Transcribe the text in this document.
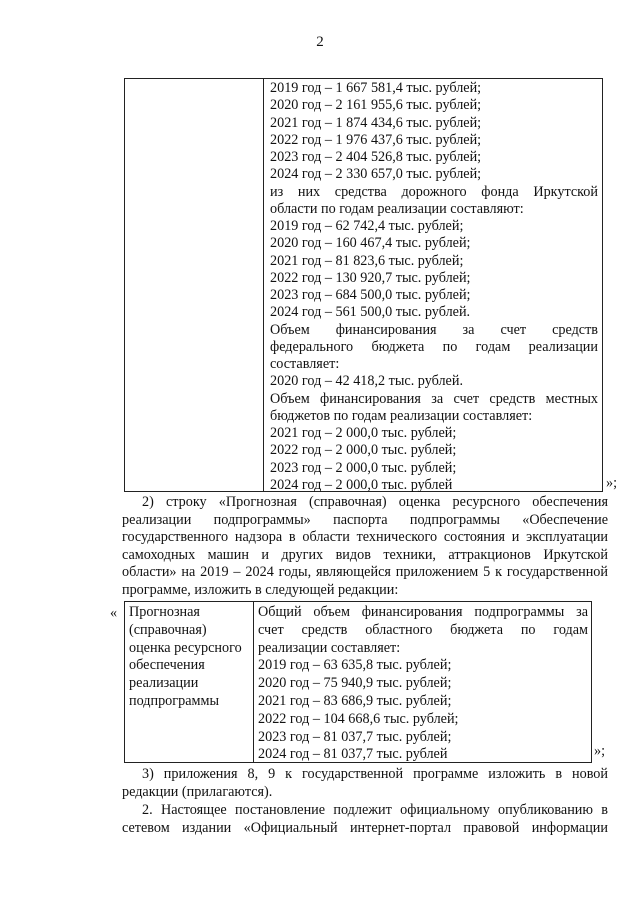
2
2019 год – 1 667 581,4 тыс. рублей;
2020 год – 2 161 955,6 тыс. рублей;
2021 год – 1 874 434,6 тыс. рублей;
2022 год – 1 976 437,6 тыс. рублей;
2023 год – 2 404 526,8 тыс. рублей;
2024 год – 2 330 657,0 тыс. рублей;
из них средства дорожного фонда Иркутской
области по годам реализации составляют:
2019 год – 62 742,4 тыс. рублей;
2020 год – 160 467,4 тыс. рублей;
2021 год – 81 823,6 тыс. рублей;
2022 год – 130 920,7 тыс. рублей;
2023 год – 684 500,0 тыс. рублей;
2024 год – 561 500,0 тыс. рублей.
Объем финансирования за счет средств
федерального бюджета по годам реализации
составляет:
2020 год – 42 418,2 тыс. рублей.
Объем финансирования за счет средств местных
бюджетов по годам реализации составляет:
2021 год – 2 000,0 тыс. рублей;
2022 год – 2 000,0 тыс. рублей;
2023 год – 2 000,0 тыс. рублей;
2024 год – 2 000,0 тыс. рублей	»;
2) строку «Прогнозная (справочная) оценка ресурсного обеспечения
реализации подпрограммы» паспорта подпрограммы «Обеспечение
государственного надзора в области технического состояния и эксплуатации
самоходных машин и других видов техники, аттракционов Иркутской
области» на 2019 – 2024 годы, являющейся приложением 5 к государственной
программе, изложить в следующей редакции:
« Прогнозная
(справочная)
оценка ресурсного
обеспечения
реализации
подпрограммы
Общий объем финансирования подпрограммы за
счет средств областного бюджета по годам
реализации составляет:
2019 год – 63 635,8 тыс. рублей;
2020 год – 75 940,9 тыс. рублей;
2021 год – 83 686,9 тыс. рублей;
2022 год – 104 668,6 тыс. рублей;
2023 год – 81 037,7 тыс. рублей;
2024 год – 81 037,7 тыс. рублей	»;
3) приложения 8, 9 к государственной программе изложить в новой
редакции (прилагаются).
2. Настоящее постановление подлежит официальному опубликованию в
сетевом издании «Официальный интернет-портал правовой информации
